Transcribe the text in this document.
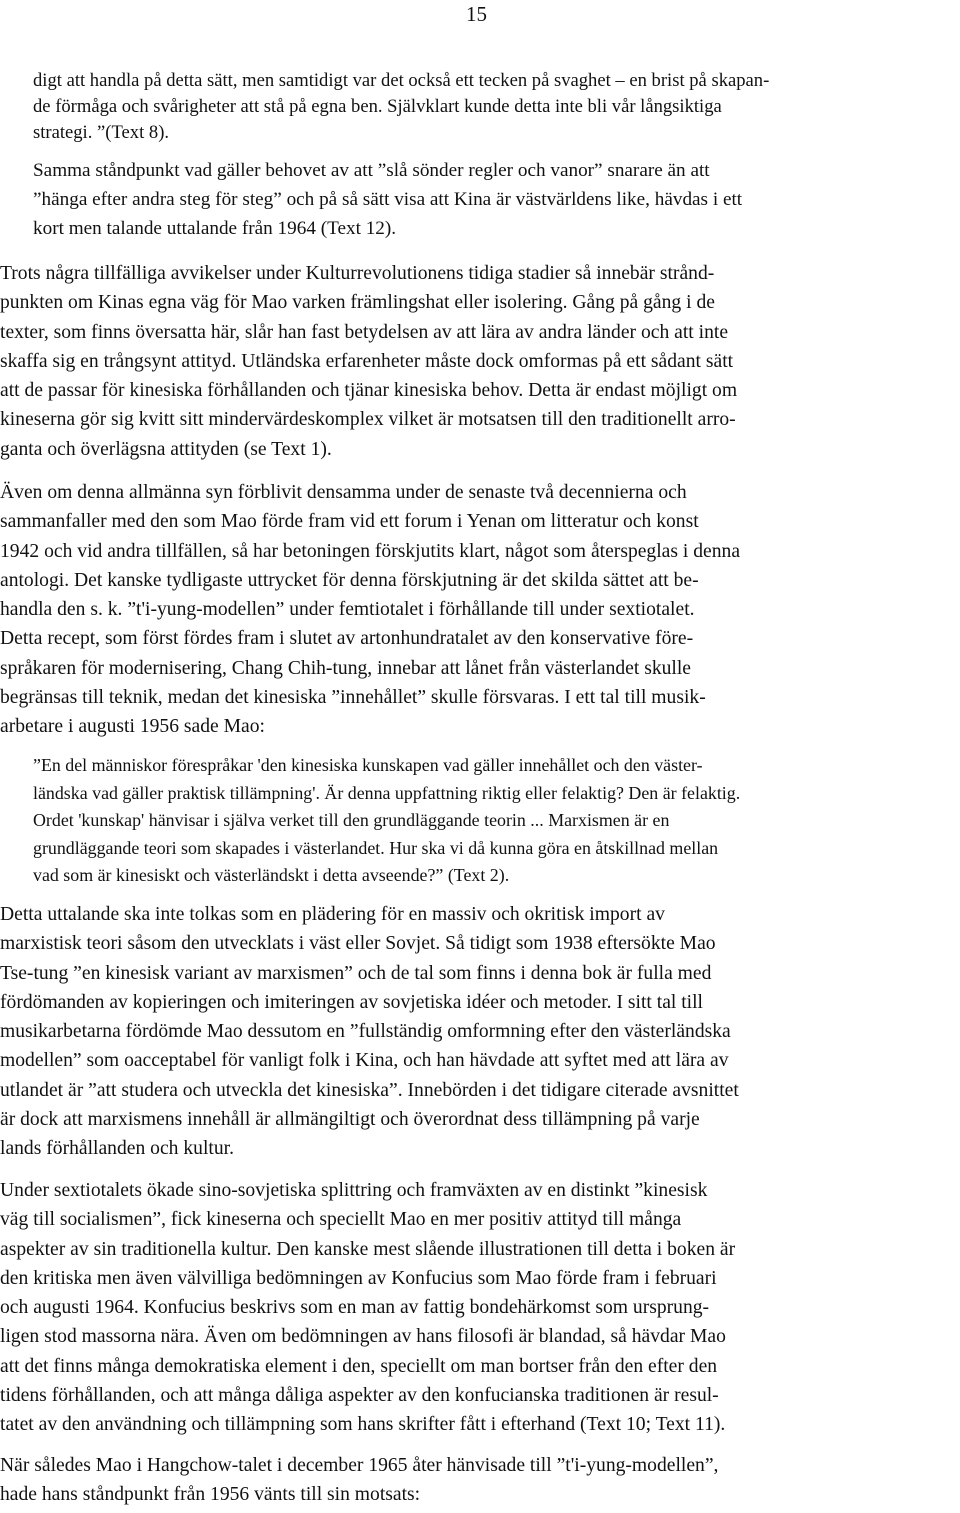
15

digt att handla på detta sätt, men samtidigt var det också ett tecken på svaghet – en brist på skapan-
de förmåga och svårigheter att stå på egna ben. Självklart kunde detta inte bli vår långsiktiga
strategi. ”(Text 8).

Samma ståndpunkt vad gäller behovet av att ”slå sönder regler och vanor” snarare än att
”hänga efter andra steg för steg” och på så sätt visa att Kina är västvärldens like, hävdas i ett
kort men talande uttalande från 1964 (Text 12).

Trots några tillfälliga avvikelser under Kulturrevolutionens tidiga stadier så innebär strånd-
punkten om Kinas egna väg för Mao varken främlingshat eller isolering. Gång på gång i de
texter, som finns översatta här, slår han fast betydelsen av att lära av andra länder och att inte
skaffa sig en trångsynt attityd. Utländska erfarenheter måste dock omformas på ett sådant sätt
att de passar för kinesiska förhållanden och tjänar kinesiska behov. Detta är endast möjligt om
kineserna gör sig kvitt sitt mindervärdeskomplex vilket är motsatsen till den traditionellt arro-
ganta och överlägsna attityden (se Text 1).

Även om denna allmänna syn förblivit densamma under de senaste två decennierna och
sammanfaller med den som Mao förde fram vid ett forum i Yenan om litteratur och konst
1942 och vid andra tillfällen, så har betoningen förskjutits klart, något som återspeglas i denna
antologi. Det kanske tydligaste uttrycket för denna förskjutning är det skilda sättet att be-
handla den s. k. ”t'i-yung-modellen” under femtiotalet i förhållande till under sextiotalet.
Detta recept, som först fördes fram i slutet av artonhundratalet av den konservative före-
språkaren för modernisering, Chang Chih-tung, innebar att lånet från västerlandet skulle
begränsas till teknik, medan det kinesiska ”innehållet” skulle försvaras. I ett tal till musik-
arbetare i augusti 1956 sade Mao:

”En del människor förespråkar 'den kinesiska kunskapen vad gäller innehållet och den väster-
ländska vad gäller praktisk tillämpning'. Är denna uppfattning riktig eller felaktig? Den är felaktig.
Ordet 'kunskap' hänvisar i själva verket till den grundläggande teorin ... Marxismen är en
grundläggande teori som skapades i västerlandet. Hur ska vi då kunna göra en åtskillnad mellan
vad som är kinesiskt och västerländskt i detta avseende?” (Text 2).

Detta uttalande ska inte tolkas som en plädering för en massiv och okritisk import av
marxistisk teori såsom den utvecklats i väst eller Sovjet. Så tidigt som 1938 eftersökte Mao
Tse-tung ”en kinesisk variant av marxismen” och de tal som finns i denna bok är fulla med
fördömanden av kopieringen och imiteringen av sovjetiska idéer och metoder. I sitt tal till
musikarbetarna fördömde Mao dessutom en ”fullständig omformning efter den västerländska
modellen” som oacceptabel för vanligt folk i Kina, och han hävdade att syftet med att lära av
utlandet är ”att studera och utveckla det kinesiska”. Innebörden i det tidigare citerade avsnittet
är dock att marxismens innehåll är allmängiltigt och överordnat dess tillämpning på varje
lands förhållanden och kultur.

Under sextiotalets ökade sino-sovjetiska splittring och framväxten av en distinkt ”kinesisk
väg till socialismen”, fick kineserna och speciellt Mao en mer positiv attityd till många
aspekter av sin traditionella kultur. Den kanske mest slående illustrationen till detta i boken är
den kritiska men även välvilliga bedömningen av Konfucius som Mao förde fram i februari
och augusti 1964. Konfucius beskrivs som en man av fattig bondehärkomst som ursprung-
ligen stod massorna nära. Även om bedömningen av hans filosofi är blandad, så hävdar Mao
att det finns många demokratiska element i den, speciellt om man bortser från den efter den
tidens förhållanden, och att många dåliga aspekter av den konfucianska traditionen är resul-
tatet av den användning och tillämpning som hans skrifter fått i efterhand (Text 10; Text 11).

När således Mao i Hangchow-talet i december 1965 åter hänvisade till ”t'i-yung-modellen”,
hade hans ståndpunkt från 1956 vänts till sin motsats:
